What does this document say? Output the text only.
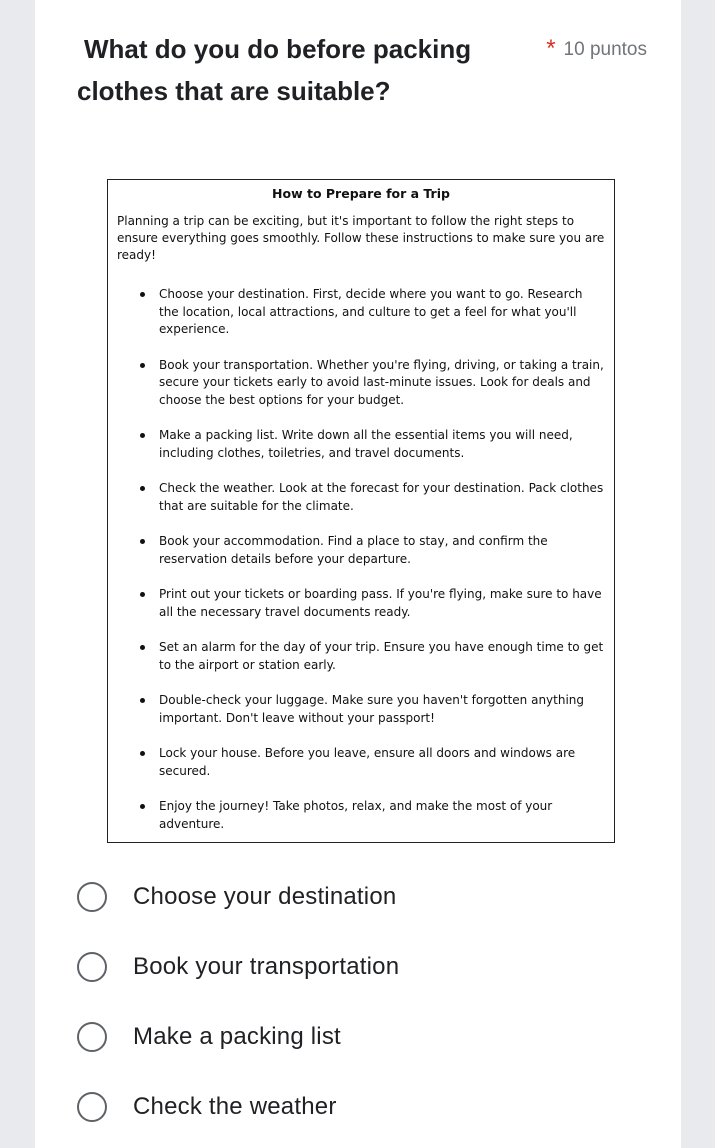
What do you do before packing clothes that are suitable?
* 10 puntos
How to Prepare for a Trip
Planning a trip can be exciting, but it's important to follow the right steps to ensure everything goes smoothly. Follow these instructions to make sure you are ready!
Choose your destination. First, decide where you want to go. Research the location, local attractions, and culture to get a feel for what you'll experience.
Book your transportation. Whether you're flying, driving, or taking a train, secure your tickets early to avoid last-minute issues. Look for deals and choose the best options for your budget.
Make a packing list. Write down all the essential items you will need, including clothes, toiletries, and travel documents.
Check the weather. Look at the forecast for your destination. Pack clothes that are suitable for the climate.
Book your accommodation. Find a place to stay, and confirm the reservation details before your departure.
Print out your tickets or boarding pass. If you're flying, make sure to have all the necessary travel documents ready.
Set an alarm for the day of your trip. Ensure you have enough time to get to the airport or station early.
Double-check your luggage. Make sure you haven't forgotten anything important. Don't leave without your passport!
Lock your house. Before you leave, ensure all doors and windows are secured.
Enjoy the journey! Take photos, relax, and make the most of your adventure.
Choose your destination
Book your transportation
Make a packing list
Check the weather
